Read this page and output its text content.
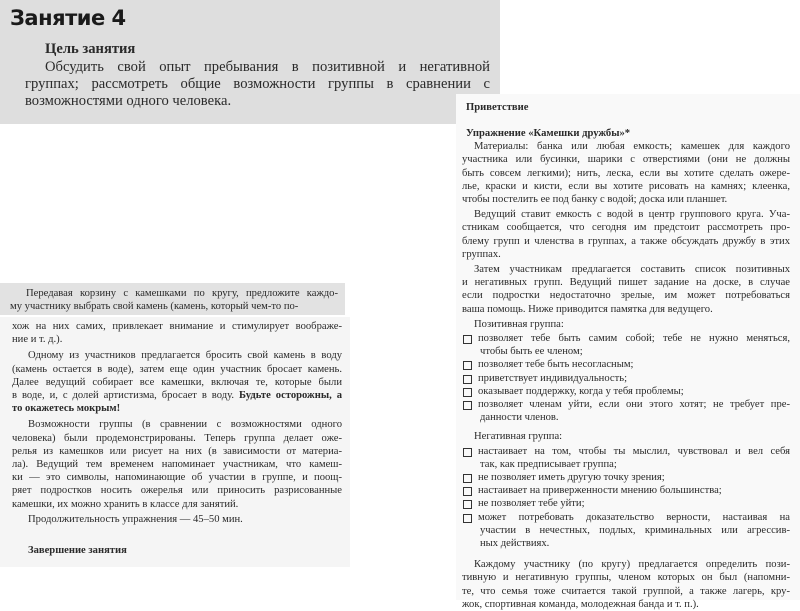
Занятие 4
Цель занятия
Обсудить свой опыт пребывания в позитивной и негативной
группах; рассмотреть общие возможности группы в сравнении с
возможностями одного человека.	Приветствие
Упражнение «Камешки дружбы»*
Материалы: банка или любая емкость; камешек для каждого
участника или бусинки, шарики с отверстиями (они не должны
быть совсем легкими); нить, леска, если вы хотите сделать ожере-
лье, краски и кисти, если вы хотите рисовать на камнях; клеенка,
чтобы постелить ее под банку с водой; доска или планшет.
Ведущий ставит емкость с водой в центр группового круга. Уча-
стникам сообщается, что сегодня им предстоит рассмотреть про-
блему групп и членства в группах, а также обсуждать дружбу в этих
группах.
Затем участникам предлагается составить список позитивных
и негативных групп. Ведущий пишет задание на доске, в случае
если подростки недостаточно зрелые, им может потребоваться
ваша помощь. Ниже приводится памятка для ведущего.
Позитивная группа:
позволяет тебе быть самим собой; тебе не нужно меняться,
чтобы быть ее членом;
позволяет тебе быть несогласным;
приветствует индивидуальность;
оказывает поддержку, когда у тебя проблемы;
позволяет членам уйти, если они этого хотят; не требует пре-
данности членов.
Негативная группа:
настаивает на том, чтобы ты мыслил, чувствовал и вел себя
так, как предписывает группа;
не позволяет иметь другую точку зрения;
настаивает на приверженности мнению большинства;
не позволяет тебе уйти;
может потребовать доказательство верности, настаивая на
участии в нечестных, подлых, криминальных или агрессив-
ных действиях.
Каждому участнику (по кругу) предлагается определить пози-
тивную и негативную группы, членом которых он был (напомни-
те, что семья тоже считается такой группой, а также лагерь, кру-
жок, спортивная команда, молодежная банда и т. п.).
Передавая корзину с камешками по кругу, предложите каждо-
му участнику выбрать свой камень (камень, который чем-то по-
хож на них самих, привлекает внимание и стимулирует воображе-
ние и т. д.).
Одному из участников предлагается бросить свой камень в воду
(камень остается в воде), затем еще один участник бросает камень.
Далее ведущий собирает все камешки, включая те, которые были
в воде, и, с долей артистизма, бросает в воду. Будьте осторожны, а
то окажетесь мокрым!
Возможности группы (в сравнении с возможностями одного
человека) были продемонстрированы. Теперь группа делает оже-
релья из камешков или рисует на них (в зависимости от материа-
ла). Ведущий тем временем напоминает участникам, что камеш-
ки — это символы, напоминающие об участии в группе, и поощ-
ряет подростков носить ожерелья или приносить разрисованные
камешки, их можно хранить в классе для занятий.
Продолжительность упражнения — 45–50 мин.
Завершение занятия
